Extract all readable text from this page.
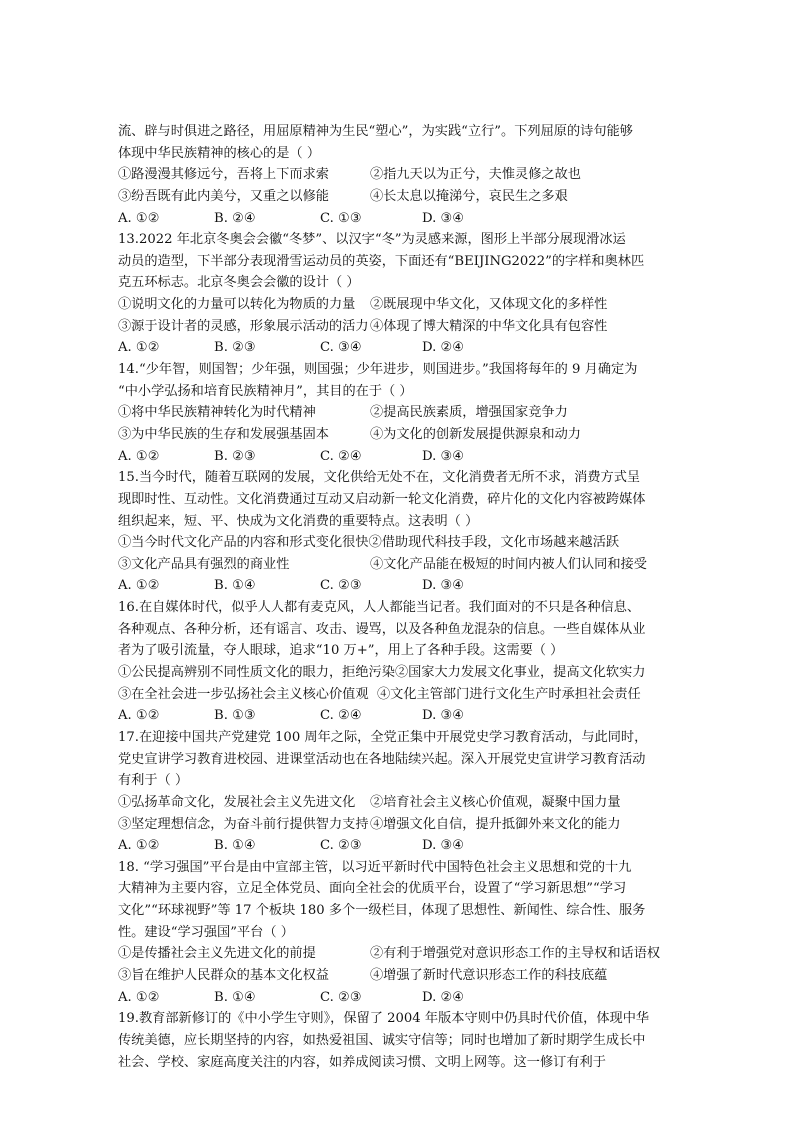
流、辟与时俱进之路径，用屈原精神为生民“塑心”，为实践“立行”。下列屈原的诗句能够
体现中华民族精神的核心的是（ ）
①路漫漫其修远兮，吾将上下而求索	②指九天以为正兮，夫惟灵修之故也
③纷吾既有此内美兮，又重之以修能	④长太息以掩涕兮，哀民生之多艰
A. ①②	B. ②④	C. ①③	D. ③④
13.2022 年北京冬奥会会徽“冬梦”、以汉字“冬”为灵感来源，图形上半部分展现滑冰运
动员的造型，下半部分表现滑雪运动员的英姿，下面还有“BEIJING2022”的字样和奥林匹
克五环标志。北京冬奥会会徽的设计（ ）
①说明文化的力量可以转化为物质的力量	②既展现中华文化，又体现文化的多样性
③源于设计者的灵感，形象展示活动的活力 ④体现了博大精深的中华文化具有包容性
A. ①②	B. ②③	C. ③④	D. ②④
14.“少年智，则国智；少年强，则国强；少年进步，则国进步。”我国将每年的 9 月确定为
“中小学弘扬和培育民族精神月”，其目的在于（ ）
①将中华民族精神转化为时代精神	②提高民族素质，增强国家竞争力
③为中华民族的生存和发展强基固本	④为文化的创新发展提供源泉和动力
A. ①②	B. ②③	C. ②④	D. ③④
15.当今时代，随着互联网的发展，文化供给无处不在，文化消费者无所不求，消费方式呈
现即时性、互动性。文化消费通过互动又启动新一轮文化消费，碎片化的文化内容被跨媒体
组织起来，短、平、快成为文化消费的重要特点。这表明（ ）
①当今时代文化产品的内容和形式变化很快②借助现代科技手段，文化市场越来越活跃
③文化产品具有强烈的商业性	④文化产品能在极短的时间内被人们认同和接受
A. ①②	B. ①④	C. ②③	D. ③④
16.在自媒体时代，似乎人人都有麦克风，人人都能当记者。我们面对的不只是各种信息、
各种观点、各种分析，还有谣言、攻击、谩骂，以及各种鱼龙混杂的信息。一些自媒体从业
者为了吸引流量，夺人眼球，追求“10 万+”，用上了各种手段。这需要（ ）
①公民提高辨别不同性质文化的眼力，拒绝污染②国家大力发展文化事业，提高文化软实力
③在全社会进一步弘扬社会主义核心价值观 ④文化主管部门进行文化生产时承担社会责任
A. ①②	B. ①③	C. ②④	D. ③④
17.在迎接中国共产党建党 100 周年之际，全党正集中开展党史学习教育活动，与此同时，
党史宣讲学习教育进校园、进课堂活动也在各地陆续兴起。深入开展党史宣讲学习教育活动
有利于（ ）
①弘扬革命文化，发展社会主义先进文化	②培育社会主义核心价值观，凝聚中国力量
③坚定理想信念，为奋斗前行提供智力支持 ④增强文化自信，提升抵御外来文化的能力
A. ①②	B. ①④	C. ②③	D. ③④
18. “学习强国”平台是由中宣部主管，以习近平新时代中国特色社会主义思想和党的十九
大精神为主要内容，立足全体党员、面向全社会的优质平台，设置了“学习新思想”“学习
文化”“环球视野”等 17 个板块 180 多个一级栏目，体现了思想性、新闻性、综合性、服务
性。建设“学习强国”平台（ ）
①是传播社会主义先进文化的前提	②有利于增强党对意识形态工作的主导权和话语权
③旨在维护人民群众的基本文化权益	④增强了新时代意识形态工作的科技底蕴
A. ①②	B. ①④	C. ②③	D. ②④
19.教育部新修订的《中小学生守则》，保留了 2004 年版本守则中仍具时代价值，体现中华
传统美德，应长期坚持的内容，如热爱祖国、诚实守信等；同时也增加了新时期学生成长中
社会、学校、家庭高度关注的内容，如养成阅读习惯、文明上网等。这一修订有利于
